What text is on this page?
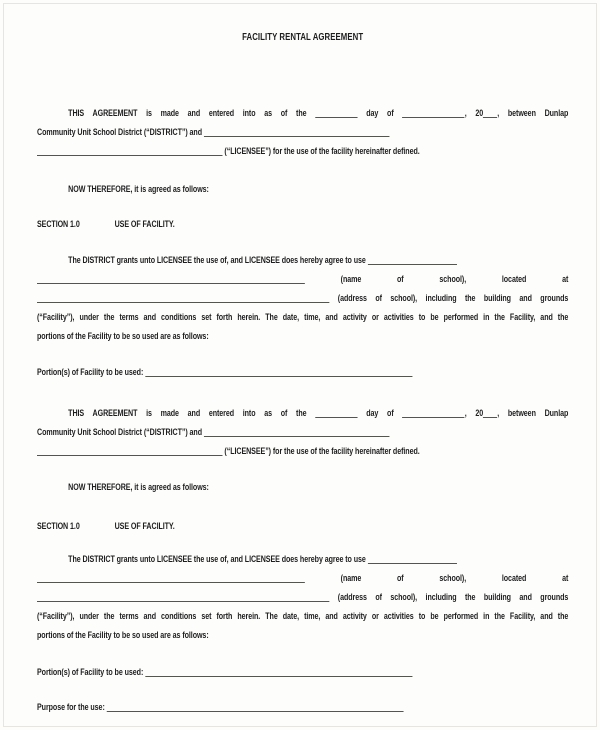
FACILITY RENTAL AGREEMENT
THIS AGREEMENT is made and entered into as of the	day of	, 20 , between Dunlap
Community Unit School District (“DISTRICT”) and
(“LICENSEE”) for the use of the facility hereinafter defined.
NOW THEREFORE, it is agreed as follows:
SECTION 1.0	USE OF FACILITY.
The DISTRICT grants unto LICENSEE the use of, and LICENSEE does hereby agree to use
(name of school), located at
(address of school), including the building and grounds
(“Facility”), under the terms and conditions set forth herein. The date, time, and activity or activities to be performed in the Facility, and the
portions of the Facility to be so used are as follows:
Portion(s) of Facility to be used:
THIS AGREEMENT is made and entered into as of the	day of	, 20 , between Dunlap
Community Unit School District (“DISTRICT”) and
(“LICENSEE”) for the use of the facility hereinafter defined.
NOW THEREFORE, it is agreed as follows:
SECTION 1.0	USE OF FACILITY.
The DISTRICT grants unto LICENSEE the use of, and LICENSEE does hereby agree to use
(name of school), located at
(address of school), including the building and grounds
(“Facility”), under the terms and conditions set forth herein. The date, time, and activity or activities to be performed in the Facility, and the
portions of the Facility to be so used are as follows:
Portion(s) of Facility to be used:
Purpose for the use:
